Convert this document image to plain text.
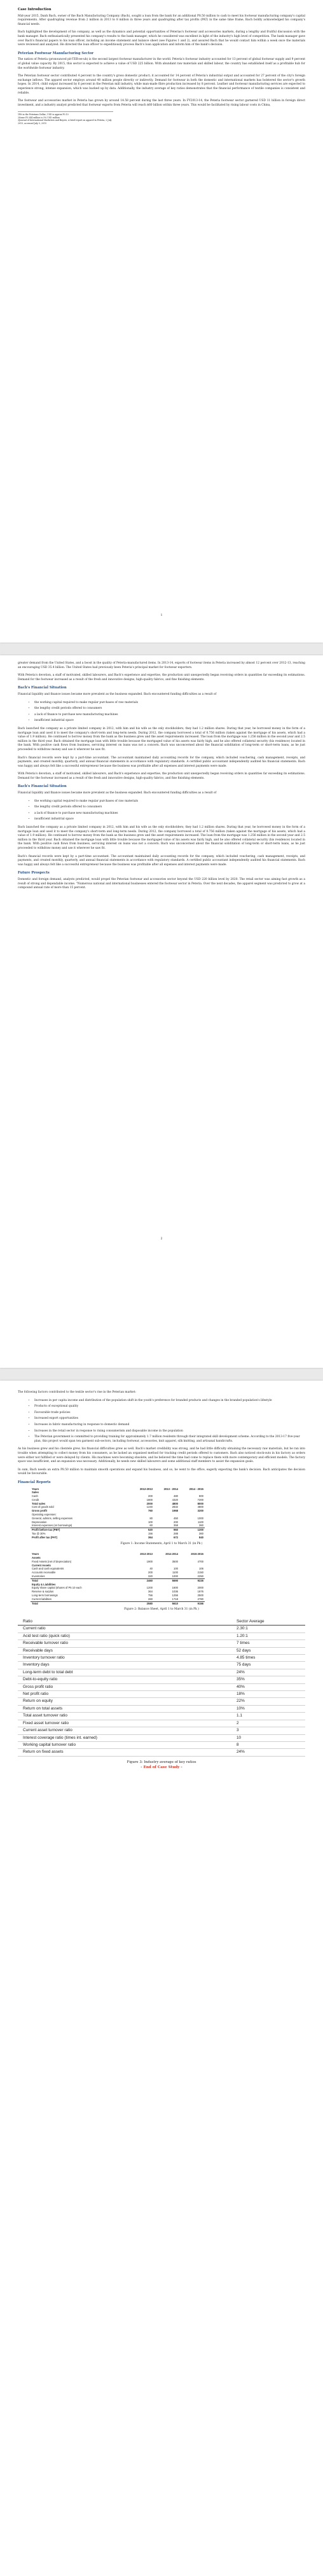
Case Introduction

Mid-year 2015, Danh Bach, owner of the Bach Manufacturing Company (Bach), sought a loan from the bank for an additional P8.50 million to cash to meet his footwear manufacturing company's capital requirements. After quadrupling revenue from 2 million in 2013 to 8 million in three years and quadrupling after tax profits (PAT) in the same time frame, Bach boldly acknowledged his company's financial needs.

Bach highlighted the development of his company, as well as the dynamics and potential opportunities of Peterias's footwear and accessories markets, during a lengthy and fruitful discussion with the bank manager. Bach enthusiastically presented his company's results to the bank manager, which he considered was excellent in light of the industry's high level of competition. The bank manager gave over Bach's financial papers to his loan officer, including an income statement and balance sheet (see Figures 1 and 2), and assured Bach that he would contact him within a week once the materials were reviewed and analyzed. He directed the loan officer to expeditiously process Bach's loan application and inform him of the bank's decision.

Peterian Footwear Manufacturing Sector

The nation of Peteria (pronounced pit-TER-ee-uh) is the second largest footwear manufacturer in the world. Peteria's footwear industry accounted for 13 percent of global footwear supply and 9 percent of global value capacity. By 2015, this sector is expected to achieve a value of USD 225 billion. With abundant raw materials and skilled labour, the country has established itself as a profitable hub for the worldwide footwear industry.

The Peterian footwear sector contributed 4 percent to the country's gross domestic product; it accounted for 14 percent of Peteria's industrial output and accounted for 27 percent of the city's foreign exchange inflows. The apparel sector employs around 40 million people directly or indirectly. Demand for footwear in both the domestic and international markets has bolstered the sector's growth hopes. In 2014, child output increased by 6 percent in the Peterian mill industry, while man-made fibre production increased by 8 percent. Leather and footwear manufacturing services are expected to experience strong, intense expansion, which was backed up by data. Additionally, the industry average of key ratios demonstrates that the financial performance of textile companies is consistent and reliable.

The footwear and accessories market in Peteria has grown by around 14.58 percent during the last three years. In FY2013-14, the Peteria footwear sector garnered USD 11 billion in foreign direct investment, and a industry analyst predicted that footwear exports from Peteria will reach $60 billion within three years. This would be facilitated by rising labour costs in China,

1Pit in the Peterians Dollar; USD is approx P0.10
2Some P5.544 million is 5% USD million
3Journal of International Marketers and Buyers, A brief report on apparel in Peteria, 2 July 2015, accessed July 5, 2015
1

greater demand from the United States, and a boost in the quality of Peteria-manufactured items. In 2013-14, exports of footwear items in Peteria increased by almost 12 percent over 2012-13, reaching an encouraging USD 35.4 billion. The United States had previously been Peteria's principal market for footwear exporters.

With Peteria's devotion, a staff of motivated, skilled labourers, and Bach's experience and expertise, the production unit unexpectedly began receiving orders in quantities far exceeding its estimations. Demand for the footwear increased as a result of the fresh and innovative designs, high-quality fabrics, and fine finishing elements.

Bach's Financial Situation

Financial liquidity and finance issues became more prevalent as the business expanded. Bach encountered funding difficulties as a result of

• the working capital required to make regular purchases of raw materials
• the lengthy credit periods offered to consumers
• a lack of finance to purchase new manufacturing machines
• insufficient industrial space

Bach launched the company as a private limited company in 2012, with him and his wife as the only stockholders; they had 1.2 million shares. During that year, he borrowed money in the form of a mortgage loan and used it to meet the company's short-term and long-term needs. During 2012, the company borrowed a total of 0.756 million (taken against the mortgage of his assets, which had a value of 1.9 million). He continued to borrow money from the bank as the business grew and the asset requirements increased. The loan from the mortgage was 1.256 million in the second year and 2.5 million in the third year. Bach obtained the mortgage loan with little trouble because the mortgaged value of his assets was fairly high, and he also offered collateral security (his residence) located in the bank. With positive cash flows from business, servicing interest on loans was not a concern. Bach was unconcerned about the financial soliditation of long-term or short-term loans, as he just proceeded to withdraw money and use it wherever he saw fit.

Bach's financial records were kept by a part-time accountant. The accountant maintained daily accounting records for the company, which included vouchering, cash management, receipts, and payments, and created monthly, quarterly, and annual financial statements in accordance with regulatory standards. A certified public accountant independently audited his financial statements. Bach was happy and always felt like a successful entrepreneur because the business was profitable after all expenses and interest payments were made.

With Peteria's devotion, a staff of motivated, skilled labourers, and Bach's experience and expertise, the production unit unexpectedly began receiving orders in quantities far exceeding its estimations. Demand for the footwear increased as a result of the fresh and innovative designs, high-quality fabrics, and fine finishing elements.

Bach's Financial Situation

Financial liquidity and finance issues became more prevalent as the business expanded. Bach encountered funding difficulties as a result of

• the working capital required to make regular purchases of raw materials
• the lengthy credit periods offered to consumers
• a lack of finance to purchase new manufacturing machines
• insufficient industrial space

Bach launched the company as a private limited company in 2012, with him and his wife as the only stockholders; they had 1.2 million shares. During that year, he borrowed money in the form of a mortgage loan and used it to meet the company's short-term and long-term needs. During 2012, the company borrowed a total of 0.756 million (taken against the mortgage of his assets, which had a value of 1.9 million). He continued to borrow money from the bank as the business grew and the asset requirements increased. The loan from the mortgage was 1.256 million in the second year and 2.5 million in the third year. Bach obtained the mortgage loan with little trouble because the mortgaged value of his assets was fairly high, and he also offered collateral security (his residence) located in the bank. With positive cash flows from business, servicing interest on loans was not a concern. Bach was unconcerned about the financial soliditation of long-term or short-term loans, as he just proceeded to withdraw money and use it wherever he saw fit.

Bach's financial records were kept by a part-time accountant. The accountant maintained daily accounting records for the company, which included vouchering, cash management, receipts, and payments, and created monthly, quarterly, and annual financial statements in accordance with regulatory standards. A certified public accountant independently audited his financial statements. Bach was happy and always felt like a successful entrepreneur because the business was profitable after all expenses and interest payments were made.

Future Prospects

Domestic and foreign demand, analysts predicted, would propel the Peterian footwear and accessories sector beyond the USD 220 billion level by 2020. The retail sector was aiming fast growth as a result of strong and dependable income. "Numerous national and international businesses entered the footwear sector in Peteria. Over the next decades, the apparel segment was predicted to grow at a compound annual rate of more than 15 percent.

2

The following factors contributed to the textile sector's rise in the Peterian market:

• Increases in per capita income and distribution of the population shift in the youth's preference for branded products and changes in the branded population's lifestyle
• Products of exceptional quality
• Favourable trade policies
• Increased export opportunities
• Increases in fabric manufacturing in response to domestic demand
• Increases in the retail sector in response to rising consumerism and disposable income in the population
• The Peterian government is committed to providing training for approximately 1.7 million residents through their integrated skill development scheme. According to the 2013-17 five-year plan, this project would span ten garment sub-sectors, including footwear, accessories, knit apparel, silk knitting, and artisanal handicrafts.

As his business grew and his clientele grew, his financial difficulties grew as well. Bach's market credibility was strong, and he had little difficulty obtaining the necessary raw materials, but he ran into trouble when attempting to collect money from his consumers, as he lacked an organised method for tracking credit periods offered to customers. Bach also noticed stock-outs in his factory as orders were either not fulfilled or were delayed by clients. His machines were becoming obsolete, and he believed the time had come to replace them with more contemporary and efficient models. The factory space was insufficient, and an expansion was necessary. Additionally, he needs new skilled labourers and some additional staff members to assist the expansion goals.

In sum, Bach needs an extra P8.50 million to maintain smooth operations and expand his business, and so, he went to the office, eagerly expecting the bank's decision. Bach anticipates the decision would be favourable.

Financial Reports
Years	2012-2013	2013 - 2014	2014 - 2015
Sales			
Cash	200	480	800
Credit	1800	4320	7200
Total sales	2000	4800	8000
Cost of goods sold	1240	2832	4800
Gross profit	760	1968	3200
Operating expenses:			
General, admins, selling expenses	80	450	1000
Depreciation	100	200	1100
Interest expenses (on borrowings)	60	358	360
Profit before tax (PBT)	520	960	1200
Tax @ 30%	156	288	360
Profit after tax (PAT)	364	672	840
Figure 1: Income Statements, April 1 to March 31 (in Pk )
Years	2013 2013	2014 2014	2015 2015
Assets			
Fixed Assets (net of depreciation)	1900	3500	4700
Current Assets			
Cash and cash equivalents	40	100	106
Accounts receivable	200	1100	2150
Inventories	320	1000	2250
Total	2460	5690	9226

Equity & Liabilities			
Equity share capital (shares of P5 10 each	1200	1600	2000
Reserve & surplus	364	1036	1876
Long-term borrowings	756	1256	2500
Current liabilities	260	1718	2780
Total	2580	5610	9156
Figure 2: Balance Sheet, April 1 to March 31 (in Pk )
Ratio	Sector Average
Current ratio	2.30:1
Acid test ratio (quick ratio)	1.20:1
Receivable turnover ratio	7 times
Receivable days	52 days
Inventory turnover ratio	4.85 times
Inventory days	75 days
Long-term debt to total debt	24%
Debt-to-equity ratio	35%
Gross profit ratio	40%
Net profit ratio	18%
Return on equity	22%
Return on total assets	10%
Total asset turnover ratio	1.1
Fixed asset turnover ratio	2
Current asset turnover ratio	3
Interest coverage ratio (times int. earned)	10
Working capital turnover ratio	8
Return on fixed assets	24%
Figure 3: Industry average of key ratios
- End of Case Study -
